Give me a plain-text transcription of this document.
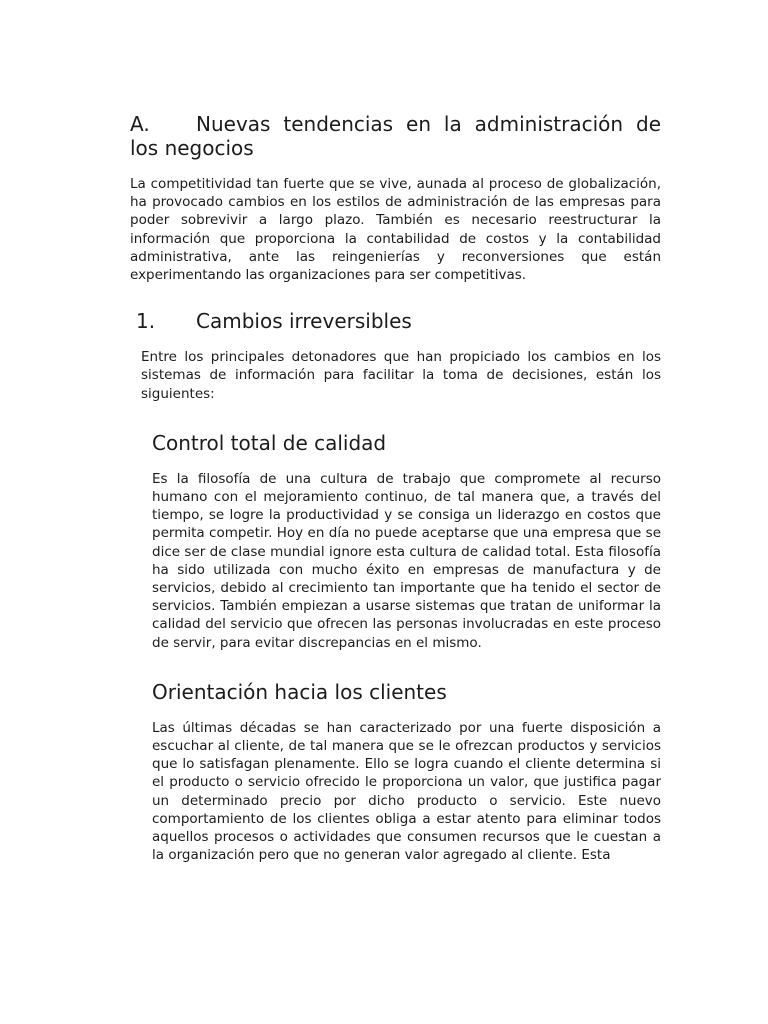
A. Nuevas tendencias en la administración de los negocios

La competitividad tan fuerte que se vive, aunada al proceso de globalización, ha provocado cambios en los estilos de administración de las empresas para poder sobrevivir a largo plazo. También es necesario reestructurar la información que proporciona la contabilidad de costos y la contabilidad administrativa, ante las reingenierías y reconversiones que están experimentando las organizaciones para ser competitivas.

1. Cambios irreversibles

Entre los principales detonadores que han propiciado los cambios en los sistemas de información para facilitar la toma de decisiones, están los siguientes:

Control total de calidad

Es la filosofía de una cultura de trabajo que compromete al recurso humano con el mejoramiento continuo, de tal manera que, a través del tiempo, se logre la productividad y se consiga un liderazgo en costos que permita competir. Hoy en día no puede aceptarse que una empresa que se dice ser de clase mundial ignore esta cultura de calidad total. Esta filosofía ha sido utilizada con mucho éxito en empresas de manufactura y de servicios, debido al crecimiento tan importante que ha tenido el sector de servicios. También empiezan a usarse sistemas que tratan de uniformar la calidad del servicio que ofrecen las personas involucradas en este proceso de servir, para evitar discrepancias en el mismo.

Orientación hacia los clientes

Las últimas décadas se han caracterizado por una fuerte disposición a escuchar al cliente, de tal manera que se le ofrezcan productos y servicios que lo satisfagan plenamente. Ello se logra cuando el cliente determina si el producto o servicio ofrecido le proporciona un valor, que justifica pagar un determinado precio por dicho producto o servicio. Este nuevo comportamiento de los clientes obliga a estar atento para eliminar todos aquellos procesos o actividades que consumen recursos que le cuestan a la organización pero que no generan valor agregado al cliente. Esta
